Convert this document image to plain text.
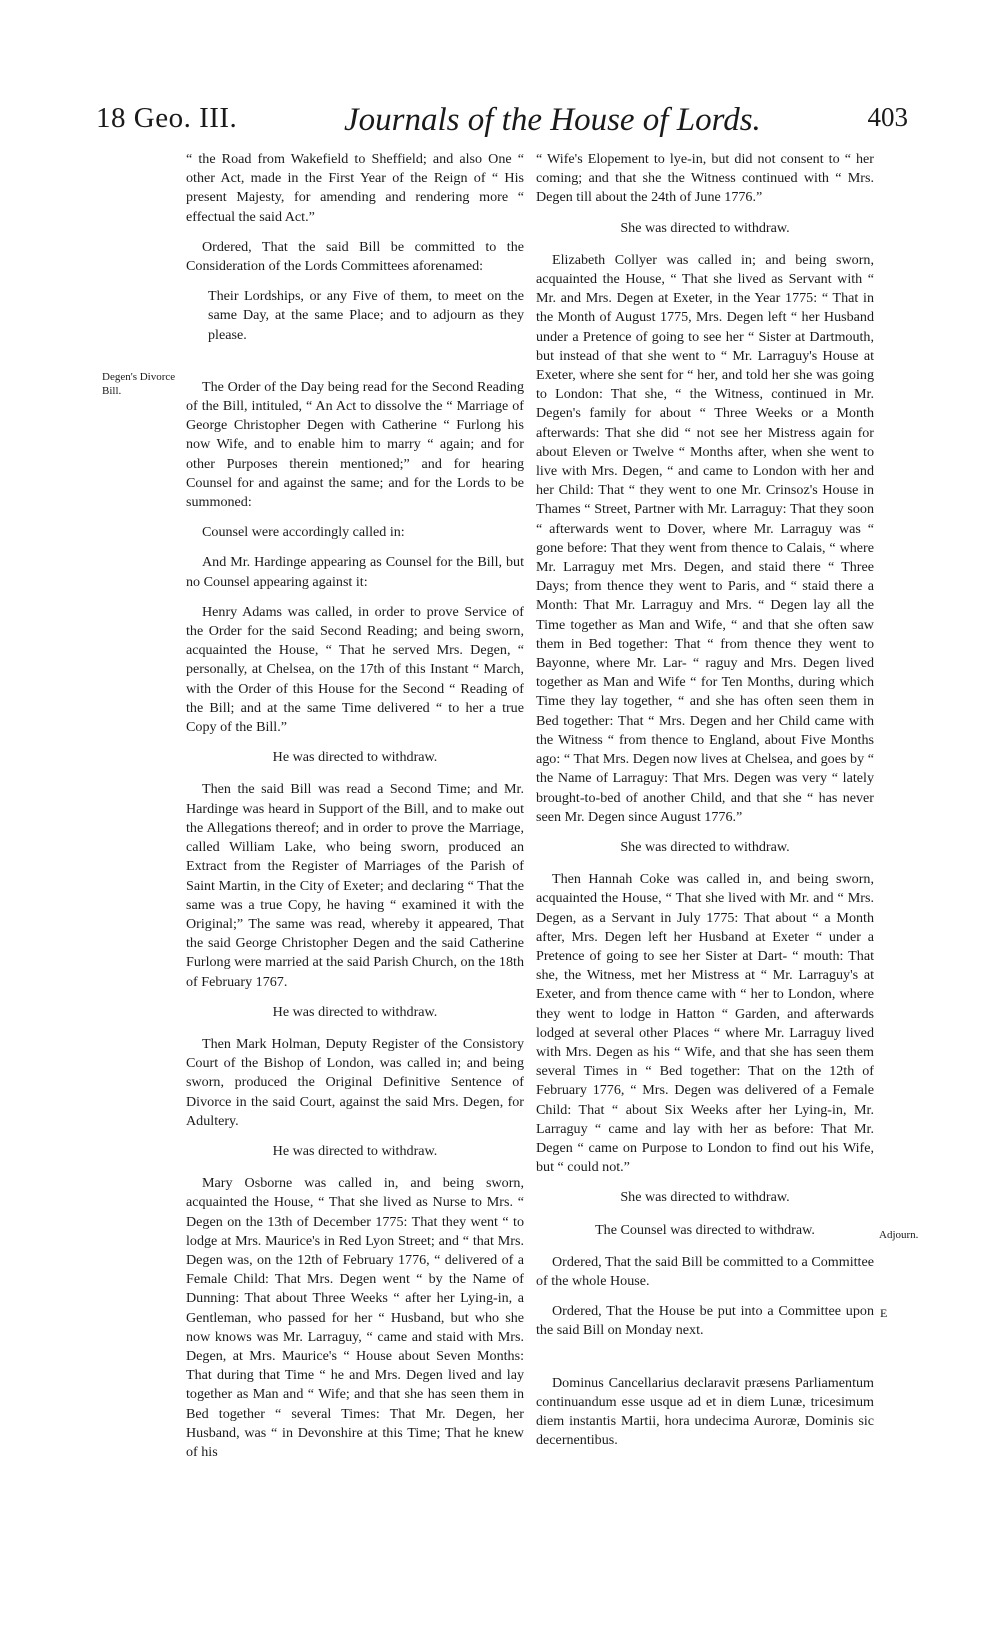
18 Geo. III.	Journals of the House of Lords.	403
Degen's Divorce Bill.
Adjourn.

“ the Road from Wakefield to Sheffield; and also One “ other Act, made in the First Year of the Reign of “ His present Majesty, for amending and rendering more “ effectual the said Act.”

Ordered, That the said Bill be committed to the Consideration of the Lords Committees aforenamed:

Their Lordships, or any Five of them, to meet on the same Day, at the same Place; and to adjourn as they please.

The Order of the Day being read for the Second Reading of the Bill, intituled, “ An Act to dissolve the “ Marriage of George Christopher Degen with Catherine “ Furlong his now Wife, and to enable him to marry “ again; and for other Purposes therein mentioned;” and for hearing Counsel for and against the same; and for the Lords to be summoned:

Counsel were accordingly called in:

And Mr. Hardinge appearing as Counsel for the Bill, but no Counsel appearing against it:

Henry Adams was called, in order to prove Service of the Order for the said Second Reading; and being sworn, acquainted the House, “ That he served Mrs. Degen, “ personally, at Chelsea, on the 17th of this Instant “ March, with the Order of this House for the Second “ Reading of the Bill; and at the same Time delivered “ to her a true Copy of the Bill.”

He was directed to withdraw.

Then the said Bill was read a Second Time; and Mr. Hardinge was heard in Support of the Bill, and to make out the Allegations thereof; and in order to prove the Marriage, called William Lake, who being sworn, produced an Extract from the Register of Marriages of the Parish of Saint Martin, in the City of Exeter; and declaring “ That the same was a true Copy, he having “ examined it with the Original;” The same was read, whereby it appeared, That the said George Christopher Degen and the said Catherine Furlong were married at the said Parish Church, on the 18th of February 1767.

He was directed to withdraw.

Then Mark Holman, Deputy Register of the Consistory Court of the Bishop of London, was called in; and being sworn, produced the Original Definitive Sentence of Divorce in the said Court, against the said Mrs. Degen, for Adultery.

He was directed to withdraw.

Mary Osborne was called in, and being sworn, acquainted the House, “ That she lived as Nurse to Mrs. “ Degen on the 13th of December 1775: That they went “ to lodge at Mrs. Maurice's in Red Lyon Street; and “ that Mrs. Degen was, on the 12th of February 1776, “ delivered of a Female Child: That Mrs. Degen went “ by the Name of Dunning: That about Three Weeks “ after her Lying-in, a Gentleman, who passed for her “ Husband, but who she now knows was Mr. Larraguy, “ came and staid with Mrs. Degen, at Mrs. Maurice's “ House about Seven Months: That during that Time “ he and Mrs. Degen lived and lay together as Man and “ Wife; and that she has seen them in Bed together “ several Times: That Mr. Degen, her Husband, was “ in Devonshire at this Time; That he knew of his

“ Wife's Elopement to lye-in, but did not consent to “ her coming; and that she the Witness continued with “ Mrs. Degen till about the 24th of June 1776.”

She was directed to withdraw.

Elizabeth Collyer was called in; and being sworn, acquainted the House, “ That she lived as Servant with “ Mr. and Mrs. Degen at Exeter, in the Year 1775: “ That in the Month of August 1775, Mrs. Degen left “ her Husband under a Pretence of going to see her “ Sister at Dartmouth, but instead of that she went to “ Mr. Larraguy's House at Exeter, where she sent for “ her, and told her she was going to London: That she, “ the Witness, continued in Mr. Degen's family for about “ Three Weeks or a Month afterwards: That she did “ not see her Mistress again for about Eleven or Twelve “ Months after, when she went to live with Mrs. Degen, “ and came to London with her and her Child: That “ they went to one Mr. Crinsoz's House in Thames “ Street, Partner with Mr. Larraguy: That they soon “ afterwards went to Dover, where Mr. Larraguy was “ gone before: That they went from thence to Calais, “ where Mr. Larraguy met Mrs. Degen, and staid there “ Three Days; from thence they went to Paris, and “ staid there a Month: That Mr. Larraguy and Mrs. “ Degen lay all the Time together as Man and Wife, “ and that she often saw them in Bed together: That “ from thence they went to Bayonne, where Mr. Lar- “ raguy and Mrs. Degen lived together as Man and Wife “ for Ten Months, during which Time they lay together, “ and she has often seen them in Bed together: That “ Mrs. Degen and her Child came with the Witness “ from thence to England, about Five Months ago: “ That Mrs. Degen now lives at Chelsea, and goes by “ the Name of Larraguy: That Mrs. Degen was very “ lately brought-to-bed of another Child, and that she “ has never seen Mr. Degen since August 1776.”

She was directed to withdraw.

Then Hannah Coke was called in, and being sworn, acquainted the House, “ That she lived with Mr. and “ Mrs. Degen, as a Servant in July 1775: That about “ a Month after, Mrs. Degen left her Husband at Exeter “ under a Pretence of going to see her Sister at Dart- “ mouth: That she, the Witness, met her Mistress at “ Mr. Larraguy's at Exeter, and from thence came with “ her to London, where they went to lodge in Hatton “ Garden, and afterwards lodged at several other Places “ where Mr. Larraguy lived with Mrs. Degen as his “ Wife, and that she has seen them several Times in “ Bed together: That on the 12th of February 1776, “ Mrs. Degen was delivered of a Female Child: That “ about Six Weeks after her Lying-in, Mr. Larraguy “ came and lay with her as before: That Mr. Degen “ came on Purpose to London to find out his Wife, but “ could not.”

She was directed to withdraw.
The Counsel was directed to withdraw.

Ordered, That the said Bill be committed to a Committee of the whole House.

Ordered, That the House be put into a Committee upon the said Bill on Monday next.

Dominus Cancellarius declaravit præsens Parliamentum continuandum esse usque ad et in diem Lunæ, tricesimum diem instantis Martii, hora undecima Auroræ, Dominis sic decernentibus.

E
